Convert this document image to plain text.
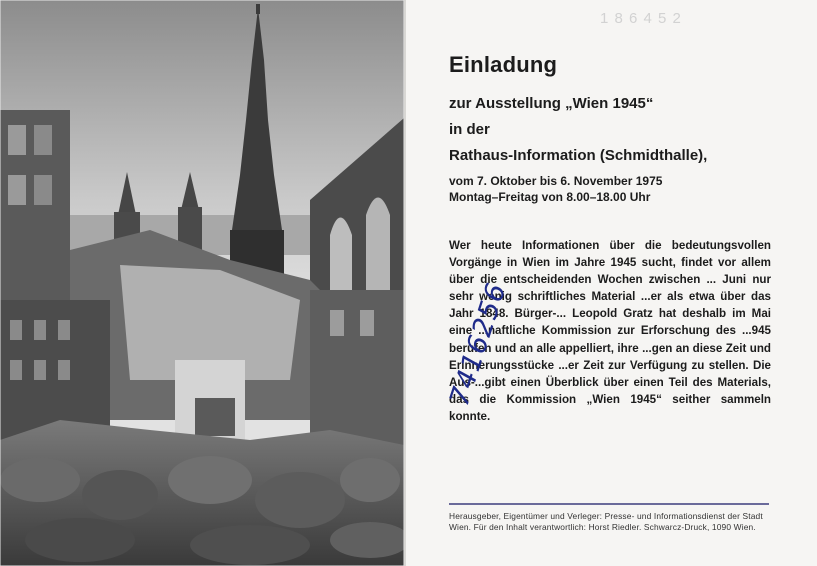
1 8 6 4 5 2
Einladung
zur Ausstellung „Wien 1945“
in der
Rathaus-Information (Schmidthalle),
vom 7. Oktober bis 6. November 1975
Montag–Freitag von 8.00–18.00 Uhr
Wer heute Informationen über die bedeutungsvollen Vorgänge in Wien im Jahre 1945 sucht, findet vor allem über die entscheidenden Wochen zwischen ... Juni nur sehr wenig schriftliches Material ...er als etwa über das Jahr 1848. Bürger-... Leopold Gratz hat deshalb im Mai eine ...naftliche Kommission zur Erforschung des ...945 berufen und an alle appelliert, ihre ...gen an diese Zeit und Erinnerungsstücke ...er Zeit zur Verfügung zu stellen. Die Aus-...gibt einen Überblick über einen Teil des Materials, das die Kommission „Wien 1945“ seither sammeln konnte.
Herausgeber, Eigentümer und Verleger: Presse- und Informationsdienst der Stadt Wien. Für den Inhalt verantwortlich: Horst Riedler. Schwarcz-Druck, 1090 Wien.
7416256
